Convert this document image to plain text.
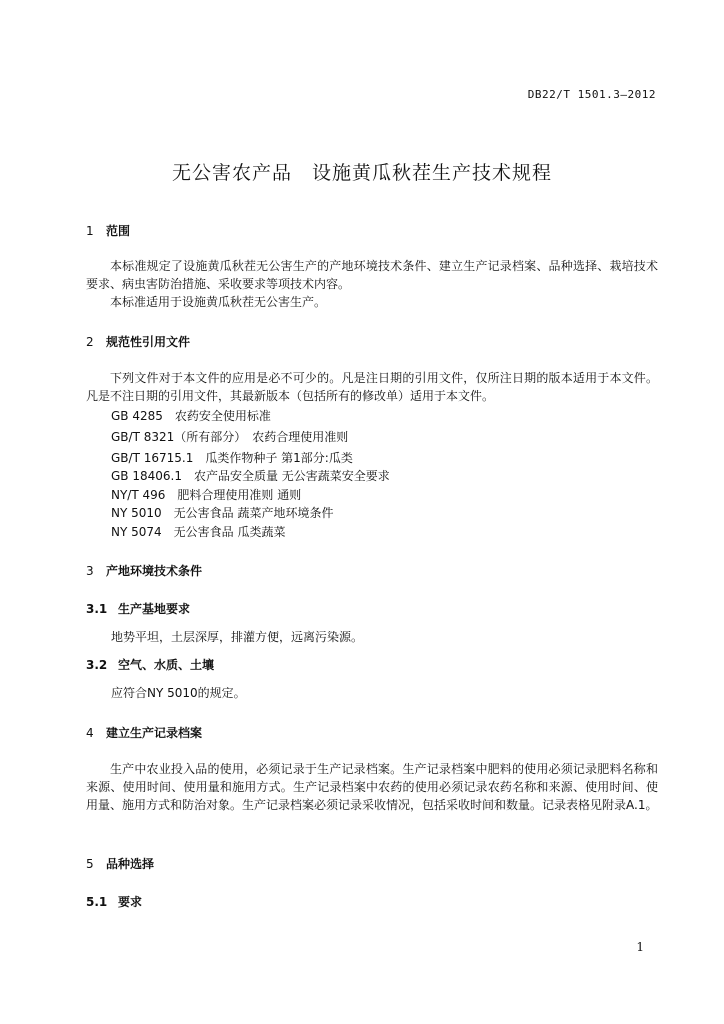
DB22/T 1501.3—2012
无公害农产品　设施黄瓜秋茬生产技术规程
1 范围
本标准规定了设施黄瓜秋茬无公害生产的产地环境技术条件、建立生产记录档案、品种选择、栽培技术要求、病虫害防治措施、采收要求等项技术内容。
本标准适用于设施黄瓜秋茬无公害生产。
2 规范性引用文件
下列文件对于本文件的应用是必不可少的。凡是注日期的引用文件，仅所注日期的版本适用于本文件。凡是不注日期的引用文件，其最新版本（包括所有的修改单）适用于本文件。
GB 4285　农药安全使用标准
GB/T 8321（所有部分）　农药合理使用准则
GB/T 16715.1　瓜类作物种子 第1部分:瓜类
GB 18406.1　农产品安全质量 无公害蔬菜安全要求
NY/T 496　肥料合理使用准则 通则
NY 5010　无公害食品 蔬菜产地环境条件
NY 5074　无公害食品 瓜类蔬菜
3 产地环境技术条件
3.1 生产基地要求
地势平坦，土层深厚，排灌方便，远离污染源。
3.2 空气、水质、土壤
应符合NY 5010的规定。
4 建立生产记录档案
生产中农业投入品的使用，必须记录于生产记录档案。生产记录档案中肥料的使用必须记录肥料名称和来源、使用时间、使用量和施用方式。生产记录档案中农药的使用必须记录农药名称和来源、使用时间、使用量、施用方式和防治对象。生产记录档案必须记录采收情况，包括采收时间和数量。记录表格见附录A.1。
5 品种选择
5.1 要求
1
